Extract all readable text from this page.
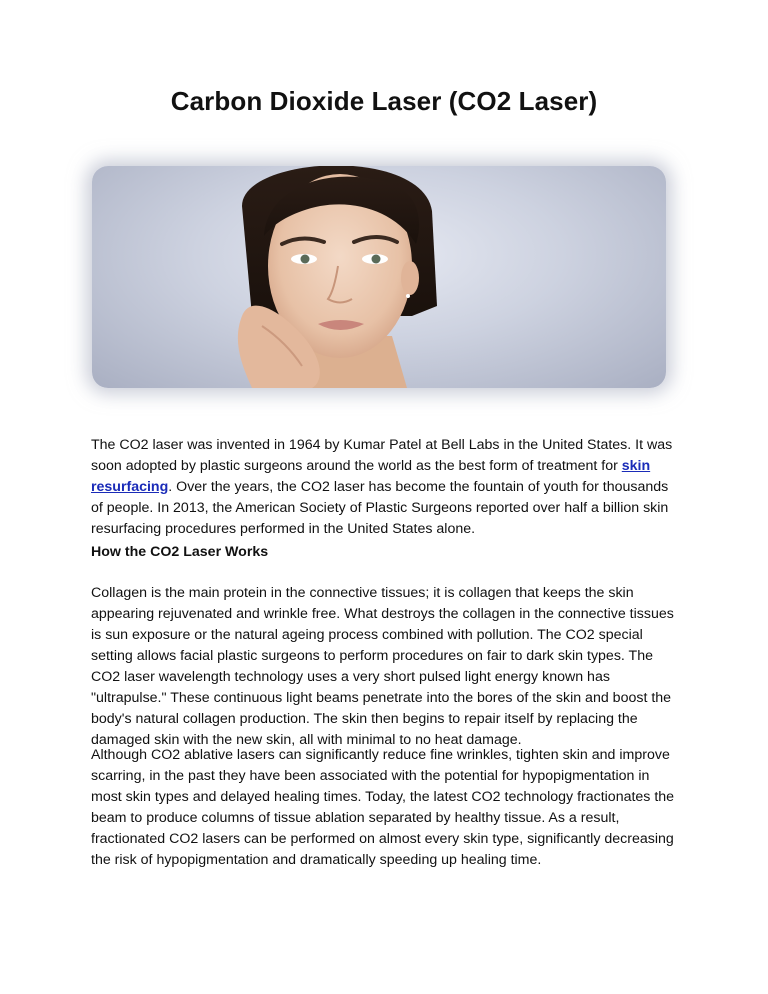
Carbon Dioxide Laser (CO2 Laser)

The CO2 laser was invented in 1964 by Kumar Patel at Bell Labs in the United States. It was soon adopted by plastic surgeons around the world as the best form of treatment for skin resurfacing. Over the years, the CO2 laser has become the fountain of youth for thousands of people. In 2013, the American Society of Plastic Surgeons reported over half a billion skin resurfacing procedures performed in the United States alone.

How the CO2 Laser Works

Collagen is the main protein in the connective tissues; it is collagen that keeps the skin appearing rejuvenated and wrinkle free. What destroys the collagen in the connective tissues is sun exposure or the natural ageing process combined with pollution. The CO2 special setting allows facial plastic surgeons to perform procedures on fair to dark skin types. The CO2 laser wavelength technology uses a very short pulsed light energy known has "ultrapulse." These continuous light beams penetrate into the bores of the skin and boost the body's natural collagen production. The skin then begins to repair itself by replacing the damaged skin with the new skin, all with minimal to no heat damage.

Although CO2 ablative lasers can significantly reduce fine wrinkles, tighten skin and improve scarring, in the past they have been associated with the potential for hypopigmentation in most skin types and delayed healing times. Today, the latest CO2 technology fractionates the beam to produce columns of tissue ablation separated by healthy tissue. As a result, fractionated CO2 lasers can be performed on almost every skin type, significantly decreasing the risk of hypopigmentation and dramatically speeding up healing time.
